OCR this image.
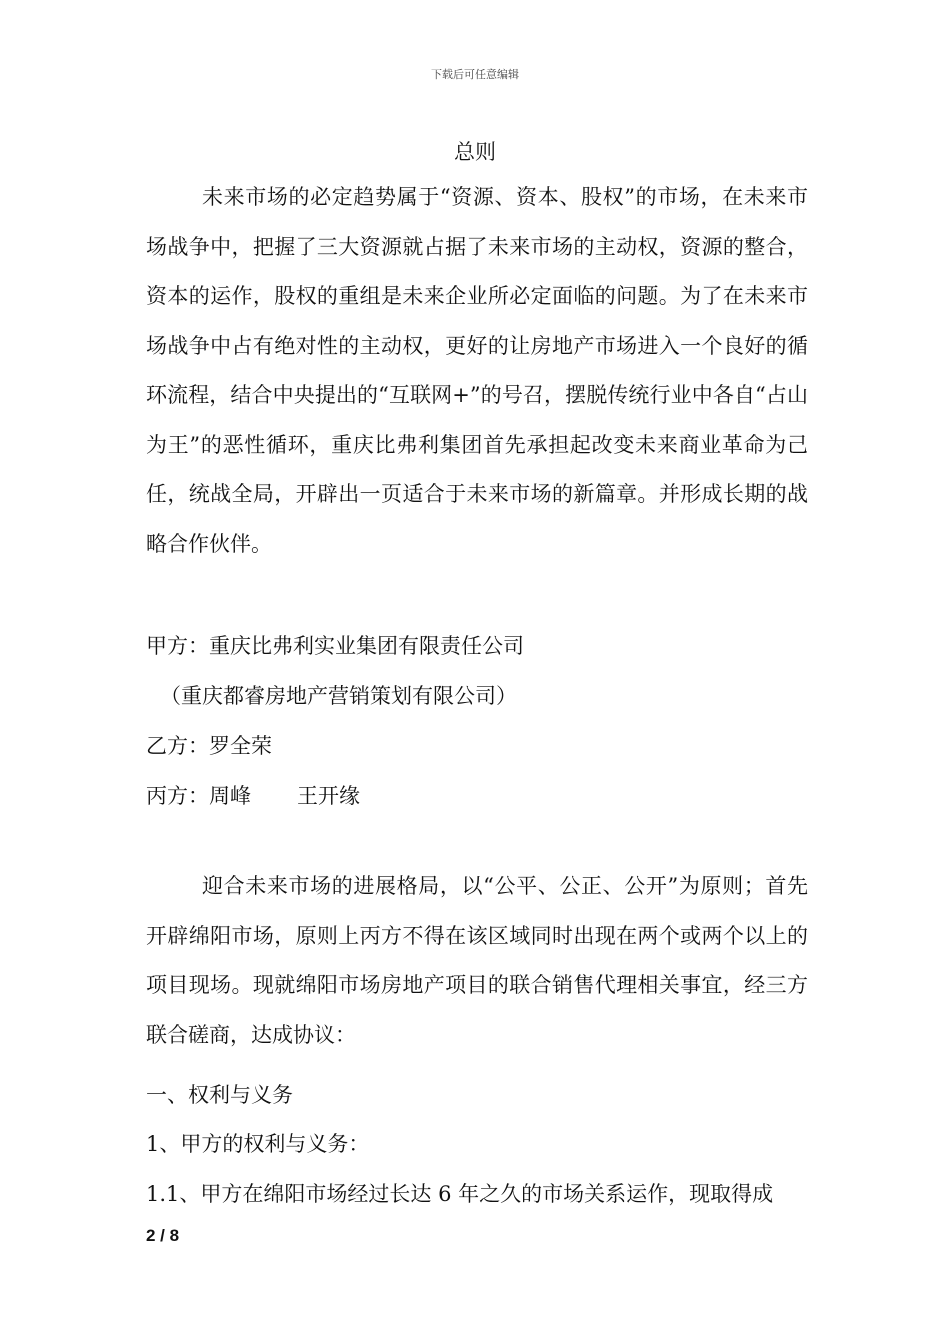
下载后可任意编辑
总则
未来市场的必定趋势属于“资源、资本、股权”的市场，在未来市场战争中，把握了三大资源就占据了未来市场的主动权，资源的整合，资本的运作，股权的重组是未来企业所必定面临的问题。为了在未来市场战争中占有绝对性的主动权，更好的让房地产市场进入一个良好的循环流程，结合中央提出的“互联网+”的号召，摆脱传统行业中各自“占山为王”的恶性循环，重庆比弗利集团首先承担起改变未来商业革命为己任，统战全局，开辟出一页适合于未来市场的新篇章。并形成长期的战略合作伙伴。
甲方：重庆比弗利实业集团有限责任公司
（重庆都睿房地产营销策划有限公司）
乙方：罗全荣
丙方：周峰 王开缘
迎合未来市场的进展格局，以“公平、公正、公开”为原则；首先开辟绵阳市场，原则上丙方不得在该区域同时出现在两个或两个以上的项目现场。现就绵阳市场房地产项目的联合销售代理相关事宜，经三方联合磋商，达成协议：
一、权利与义务
1、甲方的权利与义务：
1.1、甲方在绵阳市场经过长达 6 年之久的市场关系运作，现取得成
2 / 8
